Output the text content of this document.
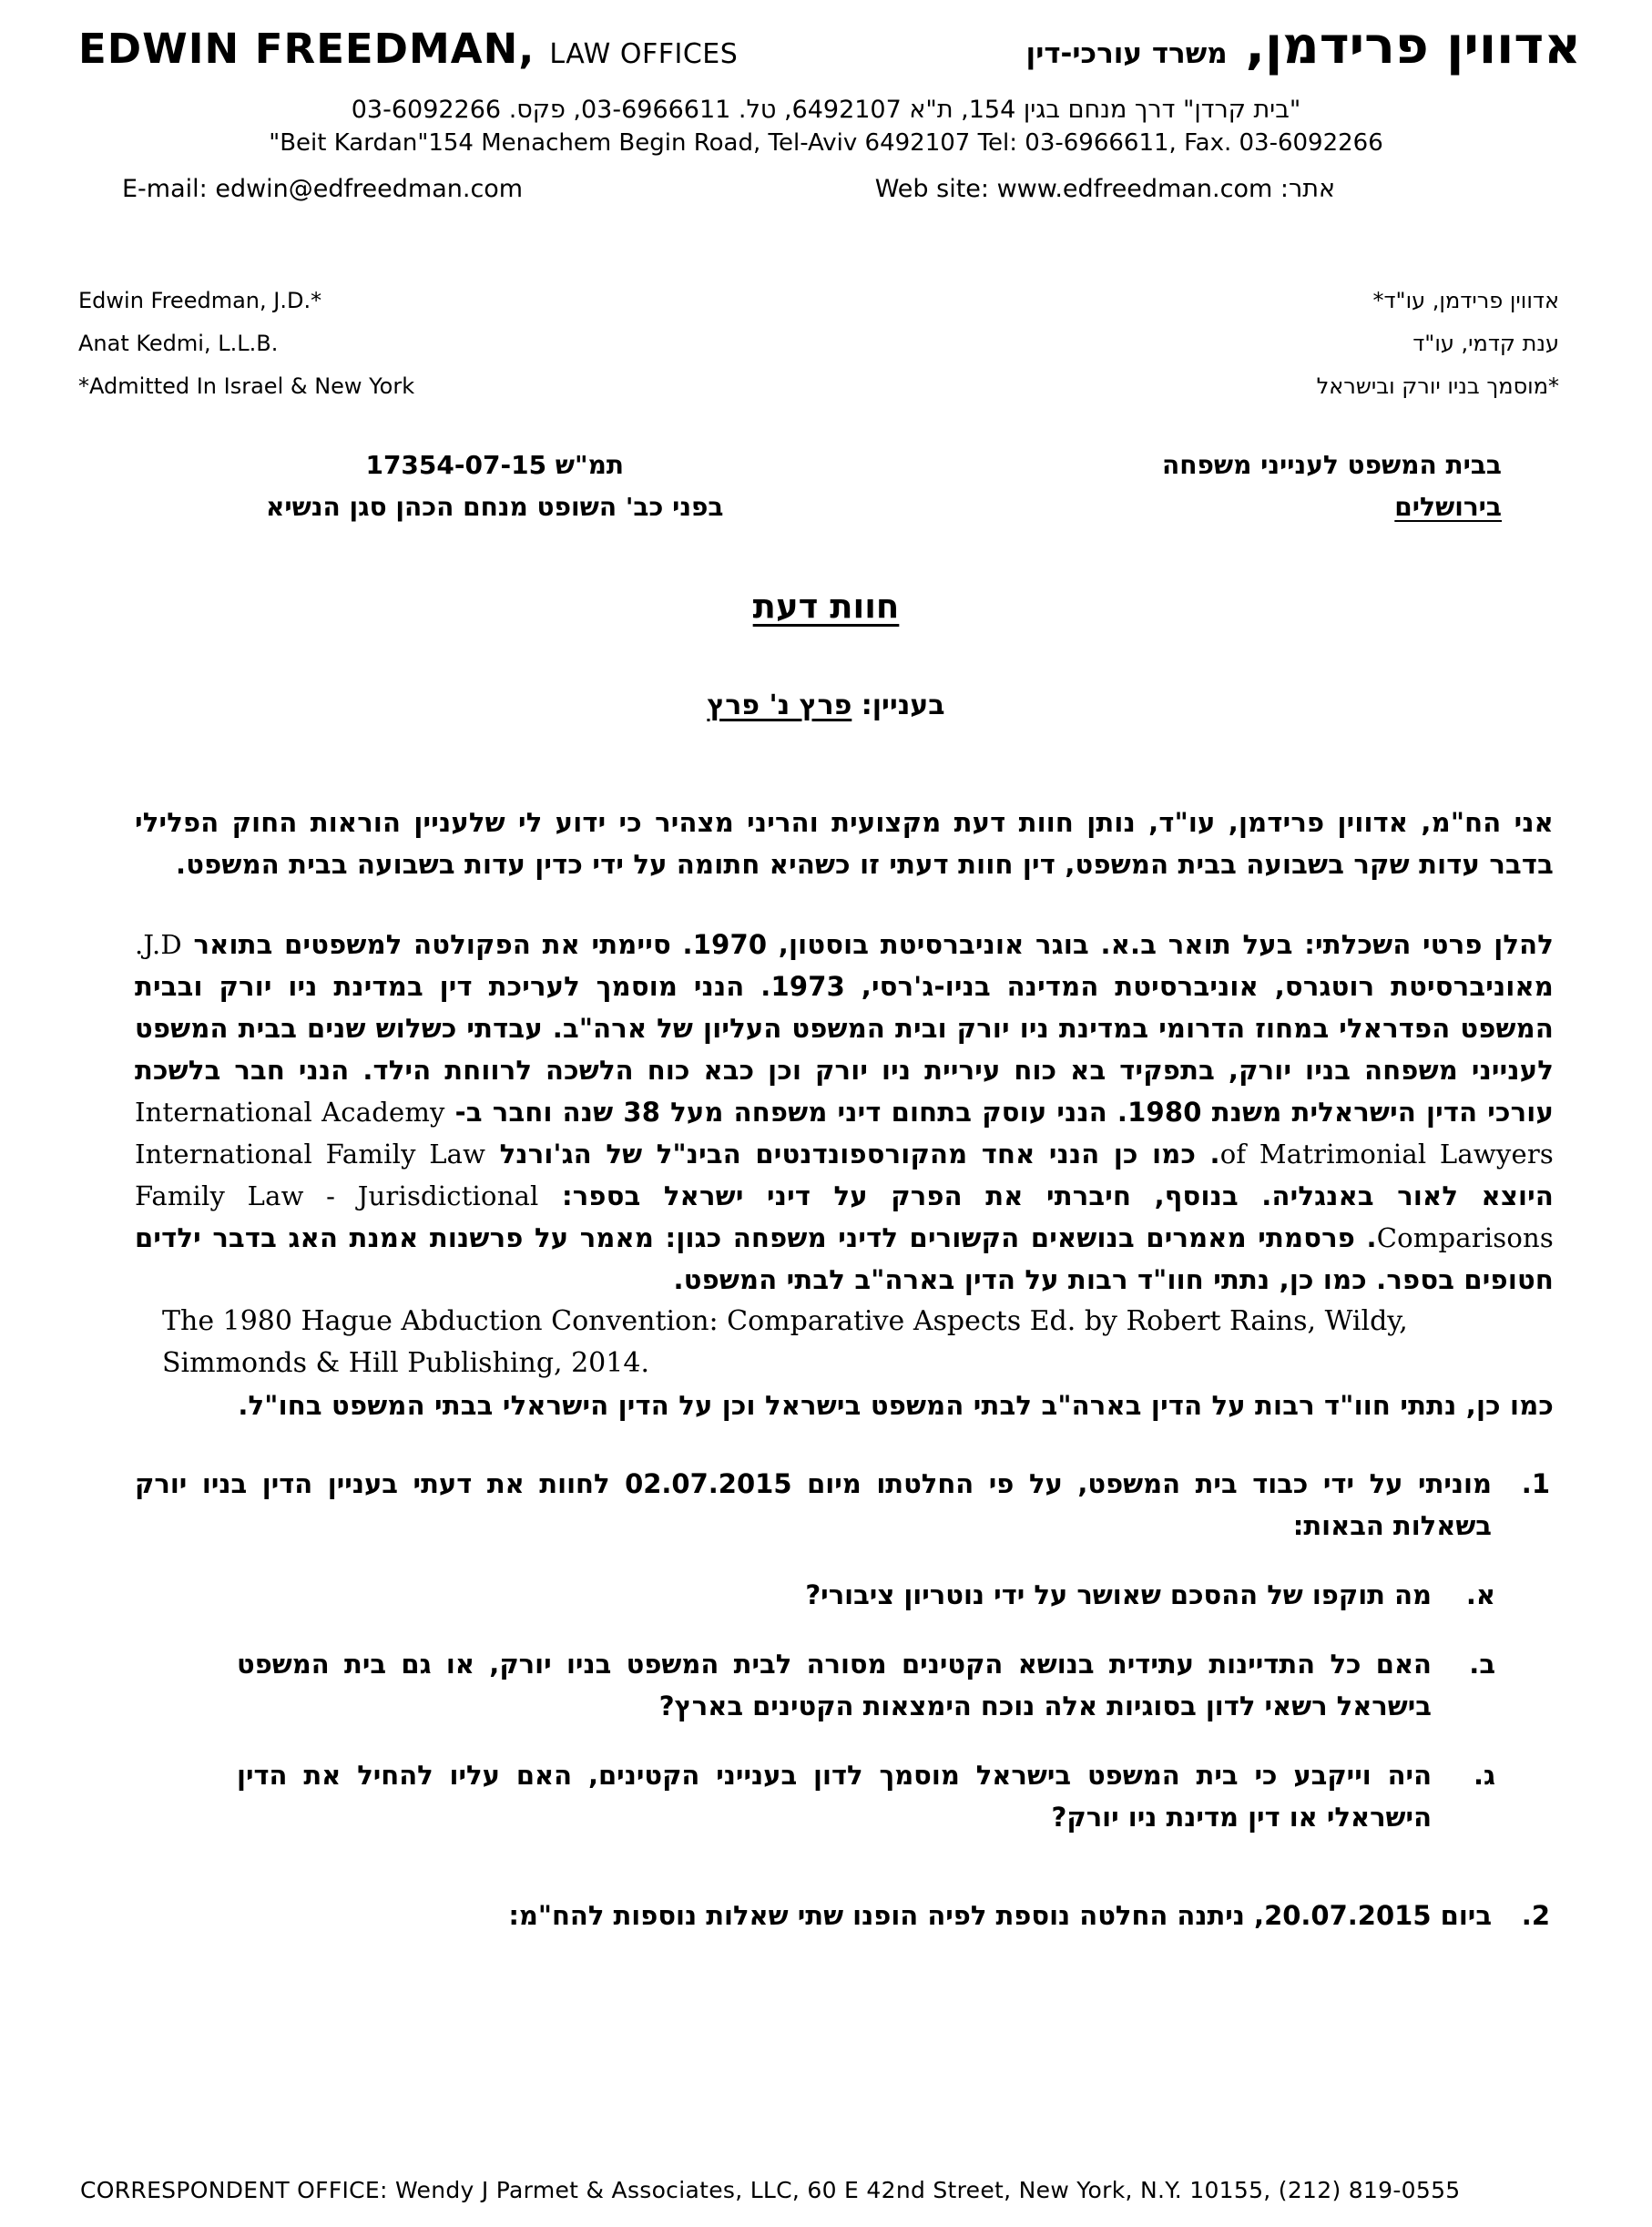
EDWIN FREEDMAN, LAW OFFICES	אדווין פרידמן,
משרד עורכי-דין
"בית קרדן" דרך מנחם בגין 154, ת"א 6492107, טל. 03-6966611, פקס. 03-6092266
"Beit Kardan"154 Menachem Begin Road, Tel-Aviv 6492107 Tel: 03-6966611, Fax. 03-6092266
E-mail: edwin@edfreedman.com	אתר: Web site: www.edfreedman.com
Edwin Freedman, J.D.*
Anat Kedmi, L.L.B.
*Admitted In Israel & New York
אדווין פרידמן, עו"ד*
ענת קדמי, עו"ד
*מוסמך בניו יורק ובישראל
תמ"ש 17354-07-15
בפני כב' השופט מנחם הכהן סגן הנשיא
בבית המשפט לענייני משפחה
בירושלים
חוות דעת
בעניין: פרץ נ' פרץ
אני הח"מ, אדווין פרידמן, עו"ד, נותן חוות דעת מקצועית והריני מצהיר כי ידוע לי שלעניין הוראות החוק הפלילי בדבר עדות שקר בשבועה בבית המשפט, דין חוות דעתי זו כשהיא חתומה על ידי כדין עדות בשבועה בבית המשפט.
להלן פרטי השכלתי: בעל תואר ב.א. בוגר אוניברסיטת בוסטון, 1970. סיימתי את הפקולטה למשפטים בתואר J.D. מאוניברסיטת רוטגרס, אוניברסיטת המדינה בניו-ג'רסי, 1973. הנני מוסמך לעריכת דין במדינת ניו יורק ובבית המשפט הפדראלי במחוז הדרומי במדינת ניו יורק ובית המשפט העליון של ארה"ב. עבדתי כשלוש שנים בבית המשפט לענייני משפחה בניו יורק, בתפקיד בא כוח עיריית ניו יורק וכן כבא כוח הלשכה לרווחת הילד. הנני חבר בלשכת עורכי הדין הישראלית משנת 1980. הנני עוסק בתחום דיני משפחה מעל 38 שנה וחבר ב- International Academy of Matrimonial Lawyers. כמו כן הנני אחד מהקורספונדנטים הבינ"ל של הג'ורנל International Family Law היוצא לאור באנגליה. בנוסף, חיברתי את הפרק על דיני ישראל בספר: Family Law - Jurisdictional Comparisons. פרסמתי מאמרים בנושאים הקשורים לדיני משפחה כגון: מאמר על פרשנות אמנת האג בדבר ילדים חטופים בספר. כמו כן, נתתי חוו"ד רבות על הדין בארה"ב לבתי המשפט.
The 1980 Hague Abduction Convention: Comparative Aspects Ed. by Robert Rains, Wildy, Simmonds & Hill Publishing, 2014.
כמו כן, נתתי חוו"ד רבות על הדין בארה"ב לבתי המשפט בישראל וכן על הדין הישראלי בבתי המשפט בחו"ל.
1.
מוניתי על ידי כבוד בית המשפט, על פי החלטתו מיום 02.07.2015 לחוות את דעתי בעניין הדין בניו יורק בשאלות הבאות:
א.
מה תוקפו של ההסכם שאושר על ידי נוטריון ציבורי?
ב.
האם כל התדיינות עתידית בנושא הקטינים מסורה לבית המשפט בניו יורק, או גם בית המשפט בישראל רשאי לדון בסוגיות אלה נוכח הימצאות הקטינים בארץ?
ג.
היה וייקבע כי בית המשפט בישראל מוסמך לדון בענייני הקטינים, האם עליו להחיל את הדין הישראלי או דין מדינת ניו יורק?
2.
ביום 20.07.2015, ניתנה החלטה נוספת לפיה הופנו שתי שאלות נוספות להח"מ:
CORRESPONDENT OFFICE: Wendy J Parmet & Associates, LLC, 60 E 42nd Street, New York, N.Y. 10155, (212) 819-0555
